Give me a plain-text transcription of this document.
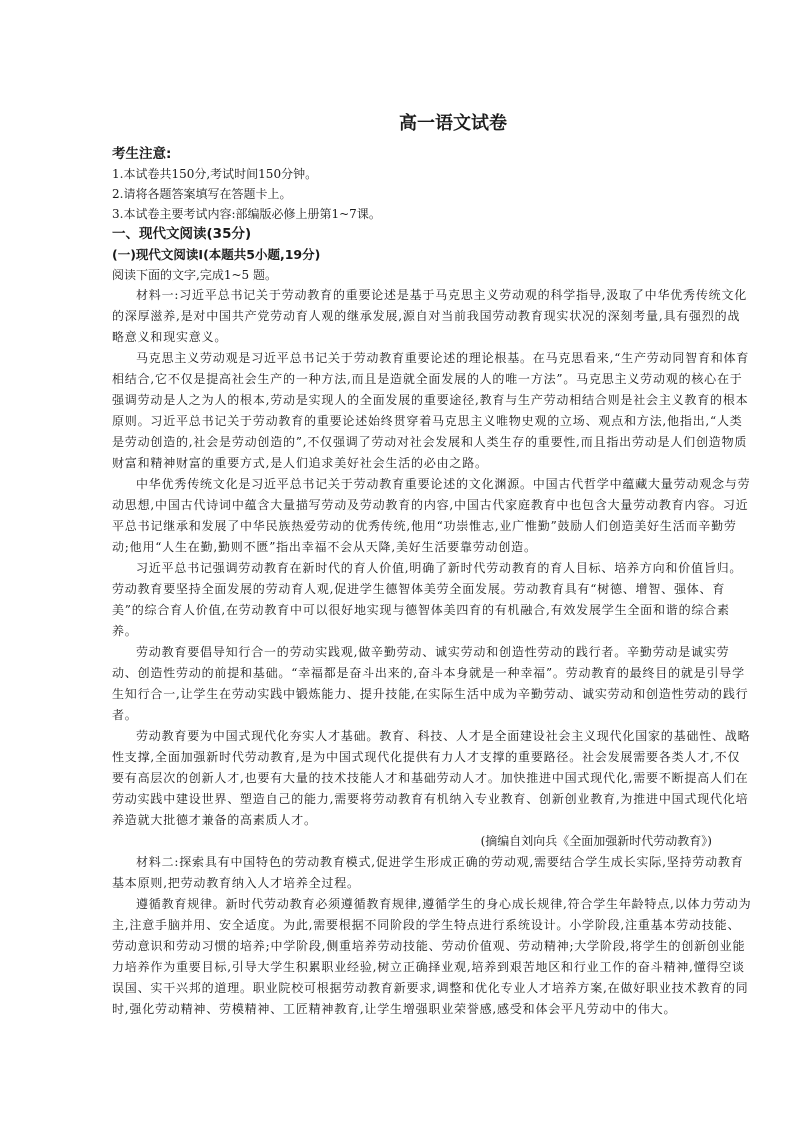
高一语文试卷
考生注意:
1.本试卷共150分,考试时间150分钟。
2.请将各题答案填写在答题卡上。
3.本试卷主要考试内容:部编版必修上册第1~7课。
一、现代文阅读(35分)
(一)现代文阅读Ⅰ(本题共5小题,19分)
阅读下面的文字,完成1~5 题。

材料一:习近平总书记关于劳动教育的重要论述是基于马克思主义劳动观的科学指导,汲取了中华优秀传统文化的深厚滋养,是对中国共产党劳动育人观的继承发展,源自对当前我国劳动教育现实状况的深刻考量,具有强烈的战略意义和现实意义。

马克思主义劳动观是习近平总书记关于劳动教育重要论述的理论根基。在马克思看来,“生产劳动同智育和体育相结合,它不仅是提高社会生产的一种方法,而且是造就全面发展的人的唯一方法”。马克思主义劳动观的核心在于强调劳动是人之为人的根本,劳动是实现人的全面发展的重要途径,教育与生产劳动相结合则是社会主义教育的根本原则。习近平总书记关于劳动教育的重要论述始终贯穿着马克思主义唯物史观的立场、观点和方法,他指出,“人类是劳动创造的,社会是劳动创造的”,不仅强调了劳动对社会发展和人类生存的重要性,而且指出劳动是人们创造物质财富和精神财富的重要方式,是人们追求美好社会生活的必由之路。

中华优秀传统文化是习近平总书记关于劳动教育重要论述的文化渊源。中国古代哲学中蕴藏大量劳动观念与劳动思想,中国古代诗词中蕴含大量描写劳动及劳动教育的内容,中国古代家庭教育中也包含大量劳动教育内容。习近平总书记继承和发展了中华民族热爱劳动的优秀传统,他用“功崇惟志,业广惟勤”鼓励人们创造美好生活而辛勤劳动;他用“人生在勤,勤则不匮”指出幸福不会从天降,美好生活要靠劳动创造。

习近平总书记强调劳动教育在新时代的育人价值,明确了新时代劳动教育的育人目标、培养方向和价值旨归。劳动教育要坚持全面发展的劳动育人观,促进学生德智体美劳全面发展。劳动教育具有“树德、增智、强体、育美”的综合育人价值,在劳动教育中可以很好地实现与德智体美四育的有机融合,有效发展学生全面和谐的综合素养。

劳动教育要倡导知行合一的劳动实践观,做辛勤劳动、诚实劳动和创造性劳动的践行者。辛勤劳动是诚实劳动、创造性劳动的前提和基础。“幸福都是奋斗出来的,奋斗本身就是一种幸福”。劳动教育的最终目的就是引导学生知行合一,让学生在劳动实践中锻炼能力、提升技能,在实际生活中成为辛勤劳动、诚实劳动和创造性劳动的践行者。

劳动教育要为中国式现代化夯实人才基础。教育、科技、人才是全面建设社会主义现代化国家的基础性、战略性支撑,全面加强新时代劳动教育,是为中国式现代化提供有力人才支撑的重要路径。社会发展需要各类人才,不仅要有高层次的创新人才,也要有大量的技术技能人才和基础劳动人才。加快推进中国式现代化,需要不断提高人们在劳动实践中建设世界、塑造自己的能力,需要将劳动教育有机纳入专业教育、创新创业教育,为推进中国式现代化培养造就大批德才兼备的高素质人才。

(摘编自刘向兵《全面加强新时代劳动教育》)

材料二:探索具有中国特色的劳动教育模式,促进学生形成正确的劳动观,需要结合学生成长实际,坚持劳动教育基本原则,把劳动教育纳入人才培养全过程。

遵循教育规律。新时代劳动教育必须遵循教育规律,遵循学生的身心成长规律,符合学生年龄特点,以体力劳动为主,注意手脑并用、安全适度。为此,需要根据不同阶段的学生特点进行系统设计。小学阶段,注重基本劳动技能、劳动意识和劳动习惯的培养;中学阶段,侧重培养劳动技能、劳动价值观、劳动精神;大学阶段,将学生的创新创业能力培养作为重要目标,引导大学生积累职业经验,树立正确择业观,培养到艰苦地区和行业工作的奋斗精神,懂得空谈误国、实干兴邦的道理。职业院校可根据劳动教育新要求,调整和优化专业人才培养方案,在做好职业技术教育的同时,强化劳动精神、劳模精神、工匠精神教育,让学生增强职业荣誉感,感受和体会平凡劳动中的伟大。
